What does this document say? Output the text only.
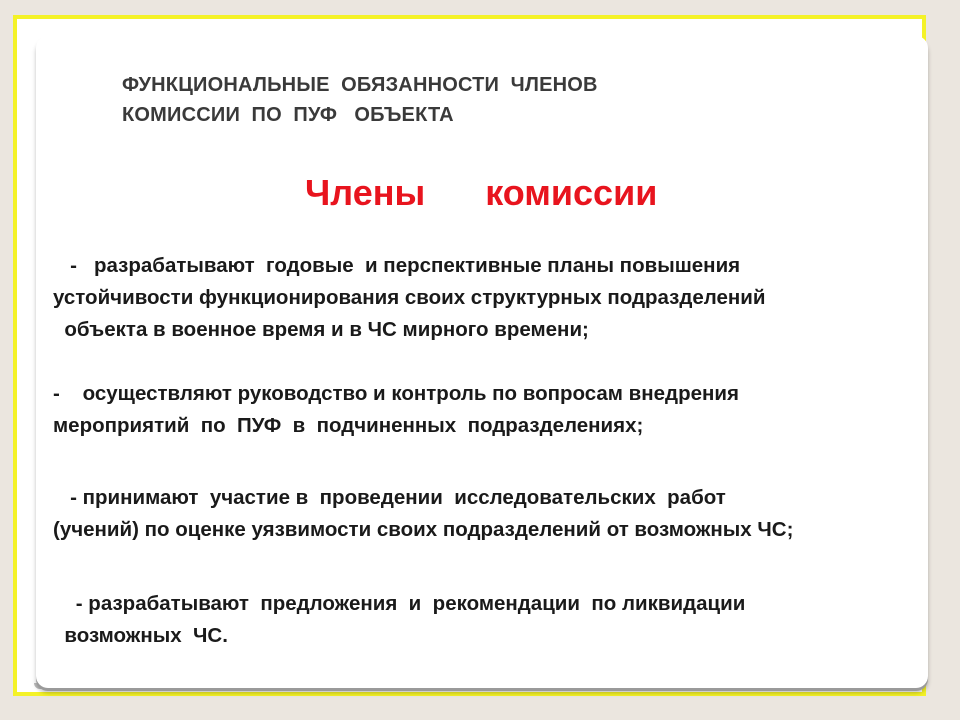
ФУНКЦИОНАЛЬНЫЕ  ОБЯЗАННОСТИ  ЧЛЕНОВ
КОМИССИИ  ПО  ПУФ   ОБЪЕКТА
Члены      комиссии
-   разрабатывают  годовые  и перспективные планы повышения
устойчивости функционирования своих структурных подразделений
объекта в военное время и в ЧС мирного времени;
-    осуществляют руководство и контроль по вопросам внедрения
мероприятий  по  ПУФ  в  подчиненных  подразделениях;
- принимают  участие в  проведении  исследовательских  работ
(учений) по оценке уязвимости своих подразделений от возможных ЧС;
- разрабатывают  предложения  и  рекомендации  по ликвидации
возможных  ЧС.
